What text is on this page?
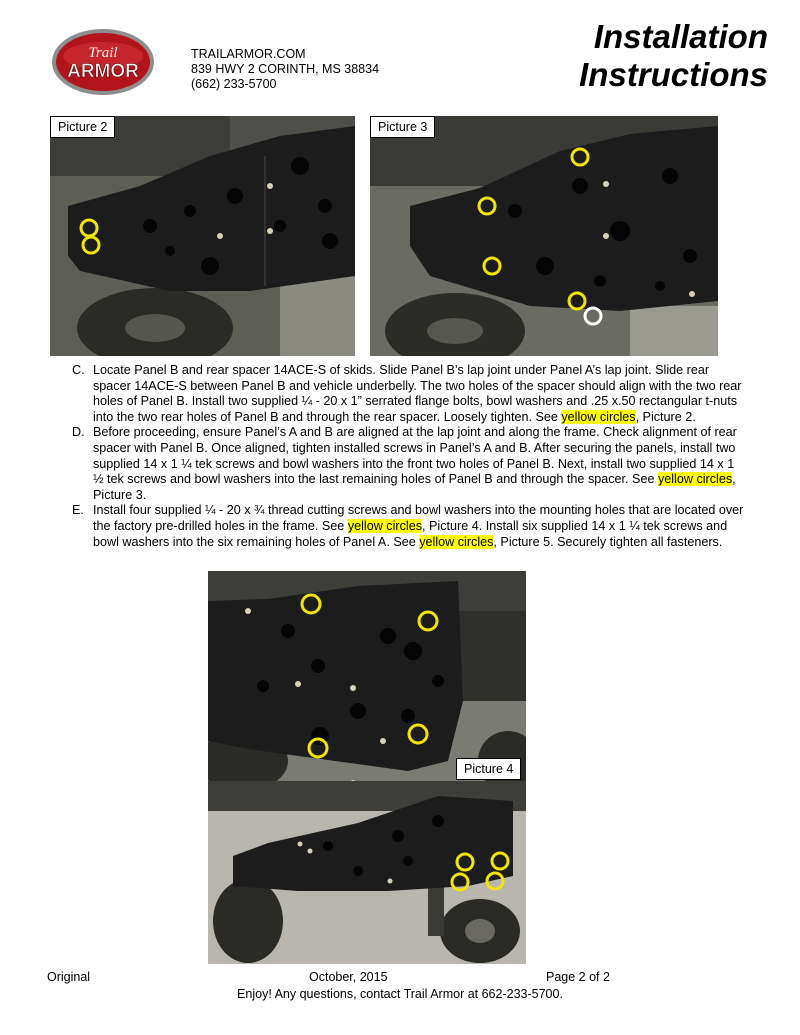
Trail
ARMOR
TRAILARMOR.COM
839 HWY 2 CORINTH, MS 38834
(662) 233-5700
Installation
Instructions
Picture 2	Picture 3
C. Locate Panel B and rear spacer 14ACE-S of skids. Slide Panel B’s lap joint under Panel A’s lap joint. Slide rear spacer 14ACE-S between Panel B and vehicle underbelly. The two holes of the spacer should align with the two rear holes of Panel B. Install two supplied ¼ - 20 x 1” serrated flange bolts, bowl washers and .25 x.50 rectangular t-nuts into the two rear holes of Panel B and through the rear spacer. Loosely tighten. See yellow circles, Picture 2.
D. Before proceeding, ensure Panel’s A and B are aligned at the lap joint and along the frame. Check alignment of rear spacer with Panel B. Once aligned, tighten installed screws in Panel’s A and B. After securing the panels, install two supplied 14 x 1 ¼ tek screws and bowl washers into the front two holes of Panel B. Next, install two supplied 14 x 1 ½ tek screws and bowl washers into the last remaining holes of Panel B and through the spacer. See yellow circles, Picture 3.
E. Install four supplied ¼ - 20 x ¾ thread cutting screws and bowl washers into the mounting holes that are located over the factory pre-drilled holes in the frame. See yellow circles, Picture 4. Install six supplied 14 x 1 ¼ tek screws and bowl washers into the six remaining holes of Panel A. See yellow circles, Picture 5. Securely tighten all fasteners.
Picture 4
Original	October, 2015	Page 2 of 2
Enjoy! Any questions, contact Trail Armor at 662-233-5700.
